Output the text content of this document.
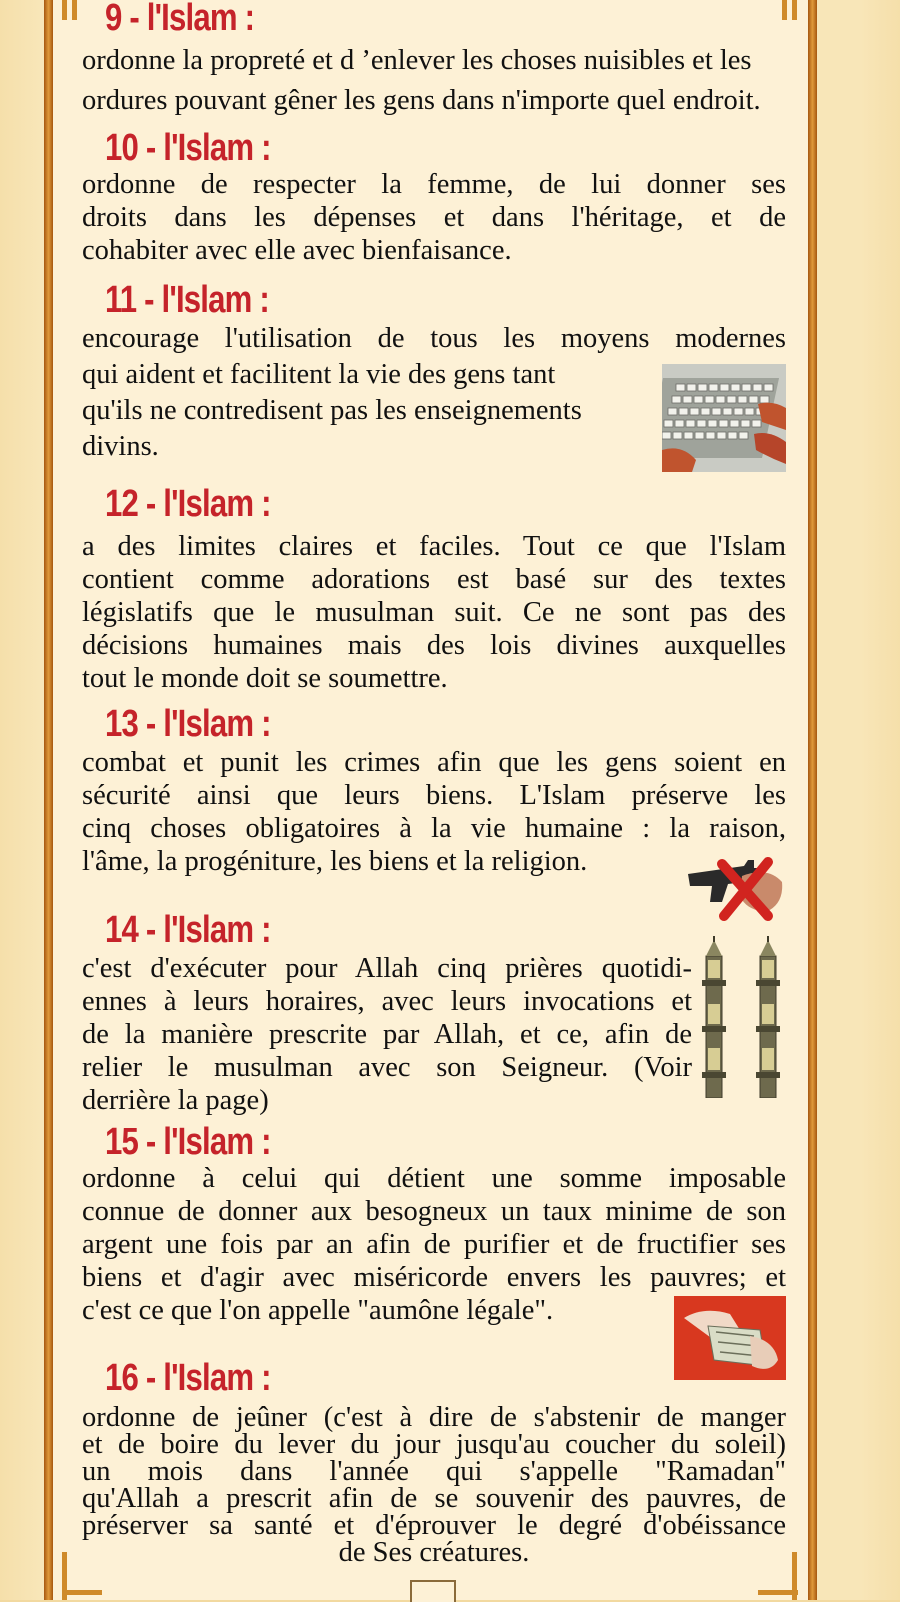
9 - l'Islam :
ordonne la propreté et d ’enlever les choses nuisibles et les
ordures pouvant gêner les gens dans n'importe quel endroit.
10 - l'Islam :
ordonne de respecter la femme, de lui donner ses
droits dans les dépenses et dans l'héritage, et de
cohabiter avec elle avec bienfaisance.
11 - l'Islam :
encourage l'utilisation de tous les moyens modernes
qui aident et facilitent la vie des gens tant
qu'ils ne contredisent pas les enseignements
divins.
12 - l'Islam :
a des limites claires et faciles. Tout ce que l'Islam
contient comme adorations est basé sur des textes
législatifs que le musulman suit. Ce ne sont pas des
décisions humaines mais des lois divines auxquelles
tout le monde doit se soumettre.
13 - l'Islam :
combat et punit les crimes afin que les gens soient en
sécurité ainsi que leurs biens. L'Islam préserve les
cinq choses obligatoires à la vie humaine : la raison,
l'âme, la progéniture, les biens et la religion.
14 - l'Islam :
c'est d'exécuter pour Allah cinq prières quotidi-
ennes à leurs horaires, avec leurs invocations et
de la manière prescrite par Allah, et ce, afin de
relier le musulman avec son Seigneur. (Voir
derrière la page)
15 - l'Islam :
ordonne à celui qui détient une somme imposable
connue de donner aux besogneux un taux minime de son
argent une fois par an afin de purifier et de fructifier ses
biens et d'agir avec miséricorde envers les pauvres; et
c'est ce que l'on appelle "aumône légale".
16 - l'Islam :
ordonne de jeûner (c'est à dire de s'abstenir de manger
et de boire du lever du jour jusqu'au coucher du soleil)
un mois dans l'année qui s'appelle "Ramadan"
qu'Allah a prescrit afin de se souvenir des pauvres, de
préserver sa santé et d'éprouver le degré d'obéissance
de Ses créatures.
